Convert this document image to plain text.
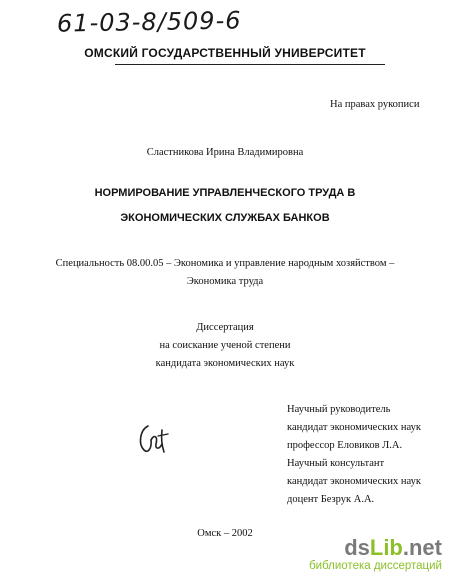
61-03-8/509-6
ОМСКИЙ ГОСУДАРСТВЕННЫЙ УНИВЕРСИТЕТ
На правах рукописи
Сластникова Ирина Владимировна
НОРМИРОВАНИЕ УПРАВЛЕНЧЕСКОГО ТРУДА В
ЭКОНОМИЧЕСКИХ СЛУЖБАХ БАНКОВ
Специальность 08.00.05 – Экономика и управление народным хозяйством –
Экономика труда
Диссертация
на соискание ученой степени
кандидата экономических наук
Научный руководитель
кандидат экономических наук
профессор Еловиков Л.А.
Научный консультант
кандидат экономических наук
доцент Безрук А.А.
Омск – 2002
dsLib.net
библиотека диссертаций
